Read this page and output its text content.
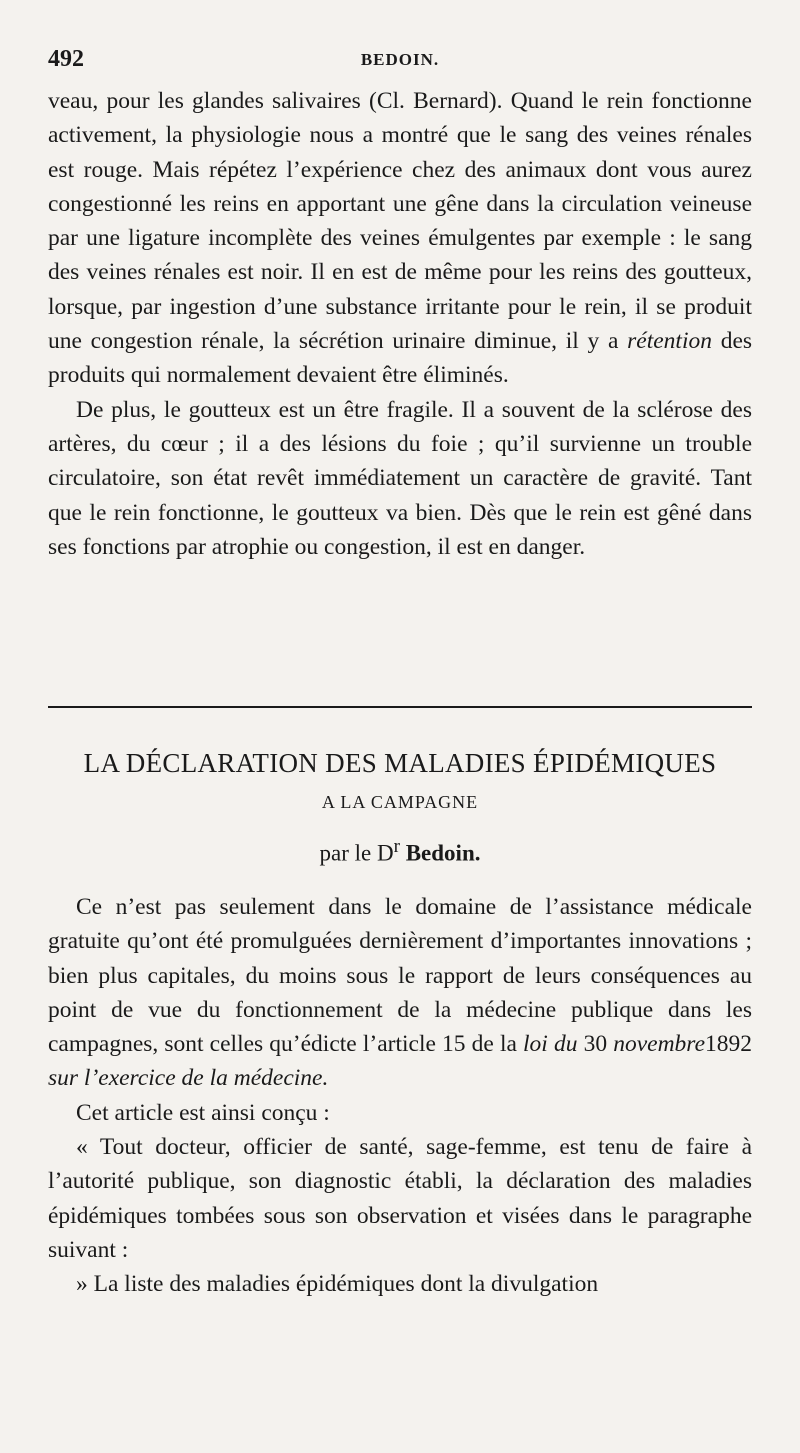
492	BEDOIN.

veau, pour les glandes salivaires (Cl. Bernard). Quand le rein fonctionne activement, la physiologie nous a montré que le sang des veines rénales est rouge. Mais répétez l’expérience chez des animaux dont vous aurez congestionné les reins en apportant une gêne dans la circulation veineuse par une ligature incomplète des veines émulgentes par exemple : le sang des veines rénales est noir. Il en est de même pour les reins des goutteux, lorsque, par ingestion d’une substance irritante pour le rein, il se produit une congestion rénale, la sécrétion urinaire diminue, il y a rétention des produits qui normalement devaient être éliminés.

De plus, le goutteux est un être fragile. Il a souvent de la sclérose des artères, du cœur ; il a des lésions du foie ; qu’il survienne un trouble circulatoire, son état revêt immédiatement un caractère de gravité. Tant que le rein fonctionne, le goutteux va bien. Dès que le rein est gêné dans ses fonctions par atrophie ou congestion, il est en danger.

LA DÉCLARATION DES MALADIES ÉPIDÉMIQUES
A LA CAMPAGNE
par le $D^r$ Bedoin.

Ce n’est pas seulement dans le domaine de l’assistance médicale gratuite qu’ont été promulguées dernièrement d’importantes innovations ; bien plus capitales, du moins sous le rapport de leurs conséquences au point de vue du fonctionnement de la médecine publique dans les campagnes, sont celles qu’édicte l’article 15 de la loi du 30 novembre1892 sur l’exercice de la médecine.

Cet article est ainsi conçu :

« Tout docteur, officier de santé, sage-femme, est tenu de faire à l’autorité publique, son diagnostic établi, la déclaration des maladies épidémiques tombées sous son observation et visées dans le paragraphe suivant :

» La liste des maladies épidémiques dont la divulgation
